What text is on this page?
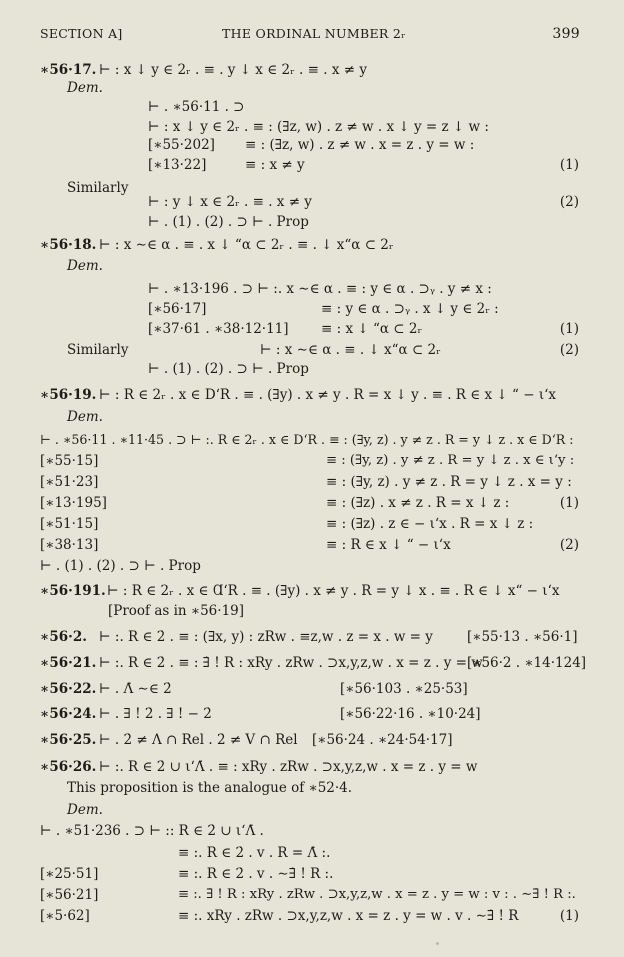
SECTION A]	THE ORDINAL NUMBER 2ᵣ	399
∗56·17. ⊢ : x ↓ y ∈ 2ᵣ . ≡ . y ↓ x ∈ 2ᵣ . ≡ . x ≠ y
Dem.
⊢ . ∗56·11 . ⊃
⊢ : x ↓ y ∈ 2ᵣ . ≡ : (∃z, w) . z ≠ w . x ↓ y = z ↓ w :
[∗55·202] ≡ : (∃z, w) . z ≠ w . x = z . y = w :
[∗13·22]	≡ : x ≠ y	(1)
Similarly
⊢ : y ↓ x ∈ 2ᵣ . ≡ . x ≠ y	(2)
⊢ . (1) . (2) . ⊃ ⊢ . Prop
∗56·18. ⊢ : x ∼∈ α . ≡ . x ↓ “α ⊂ 2ᵣ . ≡ . ↓ x“α ⊂ 2ᵣ
Dem.
⊢ . ∗13·196 . ⊃ ⊢ :. x ∼∈ α . ≡ : y ∈ α . ⊃ᵧ . y ≠ x :
[∗56·17]	≡ : y ∈ α . ⊃ᵧ . x ↓ y ∈ 2ᵣ :
[∗37·61 . ∗38·12·11] ≡ : x ↓ “α ⊂ 2ᵣ	(1)
Similarly	⊢ : x ∼∈ α . ≡ . ↓ x“α ⊂ 2ᵣ	(2)
⊢ . (1) . (2) . ⊃ ⊢ . Prop
∗56·19. ⊢ : R ∈ 2ᵣ . x ∈ D‘R . ≡ . (∃y) . x ≠ y . R = x ↓ y . ≡ . R ∈ x ↓ “ − ι‘x
Dem.
⊢ . ∗56·11 . ∗11·45 . ⊃ ⊢ :. R ∈ 2ᵣ . x ∈ D‘R . ≡ : (∃y, z) . y ≠ z . R = y ↓ z . x ∈ D‘R :
[∗55·15]	≡ : (∃y, z) . y ≠ z . R = y ↓ z . x ∈ ι‘y :
[∗51·23]	≡ : (∃y, z) . y ≠ z . R = y ↓ z . x = y :
[∗13·195]	≡ : (∃z) . x ≠ z . R = x ↓ z :	(1)
[∗51·15]	≡ : (∃z) . z ∈ − ι‘x . R = x ↓ z :
[∗38·13]	≡ : R ∈ x ↓ “ − ι‘x	(2)
⊢ . (1) . (2) . ⊃ ⊢ . Prop
∗56·191. ⊢ : R ∈ 2ᵣ . x ∈ Ɑ‘R . ≡ . (∃y) . x ≠ y . R = y ↓ x . ≡ . R ∈ ↓ x“ − ι‘x
[Proof as in ∗56·19]
∗56·2. ⊢ :. R ∈ 2̇ . ≡ : (∃x, y) : zRw . ≡z,w . z = x . w = y	[∗55·13 . ∗56·1]
∗56·21. ⊢ :. R ∈ 2̇ . ≡ : ∃̇ ! R : xRy . zRw . ⊃x,y,z,w . x = z . y = w
[∗56·2 . ∗14·124]
∗56·22. ⊢ . Λ̇ ∼∈ 2̇	[∗56·103 . ∗25·53]
∗56·24. ⊢ . ∃ ! 2̇ . ∃ ! − 2̇	[∗56·22·16 . ∗10·24]
∗56·25. ⊢ . 2̇ ≠ Λ ∩ Rel . 2̇ ≠ V ∩ Rel [∗56·24 . ∗24·54·17]
∗56·26. ⊢ :. R ∈ 2̇ ∪ ι‘Λ̇ . ≡ : xRy . zRw . ⊃x,y,z,w . x = z . y = w
This proposition is the analogue of ∗52·4.
Dem.
⊢ . ∗51·236 . ⊃ ⊢ :: R ∈ 2̇ ∪ ι‘Λ̇ .
≡ :. R ∈ 2̇ . v . R = Λ̇ :.
[∗25·51]	≡ :. R ∈ 2̇ . v . ∼∃̇ ! R :.
[∗56·21]	≡ :. ∃̇ ! R : xRy . zRw . ⊃x,y,z,w . x = z . y = w : v : . ∼∃̇ ! R :.
[∗5·62]	≡ :. xRy . zRw . ⊃x,y,z,w . x = z . y = w . v . ∼∃̇ ! R	(1)
